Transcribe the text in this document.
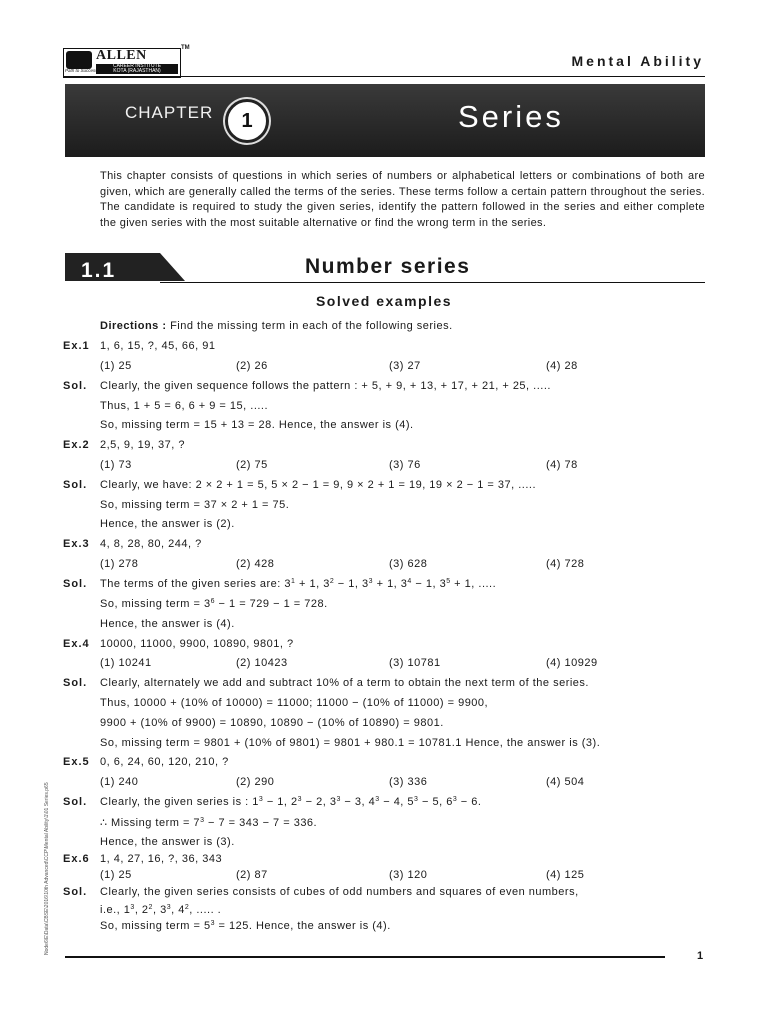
ALLEN
CAREER INSTITUTE
KOTA (RAJASTHAN)
Path to Success
TM
Mental Ability
CHAPTER	1	Series
This chapter consists of questions in which series of numbers or alphabetical letters or combinations of both are given, which are generally called the terms of the series. These terms follow a certain pattern throughout the series. The candidate is required to study the given series, identify the pattern followed in the series and either complete the given series with the most suitable alternative or find the wrong term in the series.
1.1	Number series
Solved examples
Directions : Find the missing term in each of the following series.
Ex.1 1, 6, 15, ?, 45, 66, 91
(1) 25	(2) 26	(3) 27	(4) 28
Sol. Clearly, the given sequence follows the pattern : + 5, + 9, + 13, + 17, + 21, + 25, .....
Thus, 1 + 5 = 6, 6 + 9 = 15, .....
So, missing term = 15 + 13 = 28. Hence, the answer is (4).
Ex.2 2,5, 9, 19, 37, ?
(1) 73	(2) 75	(3) 76	(4) 78
Sol. Clearly, we have: 2 × 2 + 1 = 5, 5 × 2 − 1 = 9, 9 × 2 + 1 = 19, 19 × 2 − 1 = 37, .....
So, missing term = 37 × 2 + 1 = 75.
Hence, the answer is (2).
Ex.3 4, 8, 28, 80, 244, ?
(1) 278	(2) 428	(3) 628	(4) 728
Sol. The terms of the given series are: $3^1 + 1$, $3^2 - 1$, $3^3 + 1$, $3^4 - 1$, $3^5 + 1$, .....
So, missing term = $3^6 - 1 = 729 - 1 = 728$.
Hence, the answer is (4).
Ex.4 10000, 11000, 9900, 10890, 9801, ?
(1) 10241	(2) 10423	(3) 10781	(4) 10929
Sol. Clearly, alternately we add and subtract 10% of a term to obtain the next term of the series.
Thus, 10000 + (10% of 10000) = 11000; 11000 − (10% of 11000) = 9900,
9900 + (10% of 9900) = 10890, 10890 − (10% of 10890) = 9801.
So, missing term = 9801 + (10% of 9801) = 9801 + 980.1 = 10781.1 Hence, the answer is (3).
Ex.5 0, 6, 24, 60, 120, 210, ?
(1) 240	(2) 290	(3) 336	(4) 504
Sol. Clearly, the given series is : $1^3 - 1$, $2^3 - 2$, $3^3 - 3$, $4^3 - 4$, $5^3 - 5$, $6^3 - 6$.
∴ Missing term = $7^3 - 7 = 343 - 7 = 336$.
Hence, the answer is (3).
Ex.6 1, 4, 27, 16, ?, 36, 343
(1) 25	(2) 87	(3) 120	(4) 125
Sol. Clearly, the given series consists of cubes of odd numbers and squares of even numbers,
i.e., $1^3$, $2^2$, $3^3$, $4^2$, ..... .
So, missing term = $5^3 = 125$. Hence, the answer is (4).
1
Node6\E\Data\CBSE\2016\10th Advanced\CCP\Mental Ability\1\01 Series.p65
